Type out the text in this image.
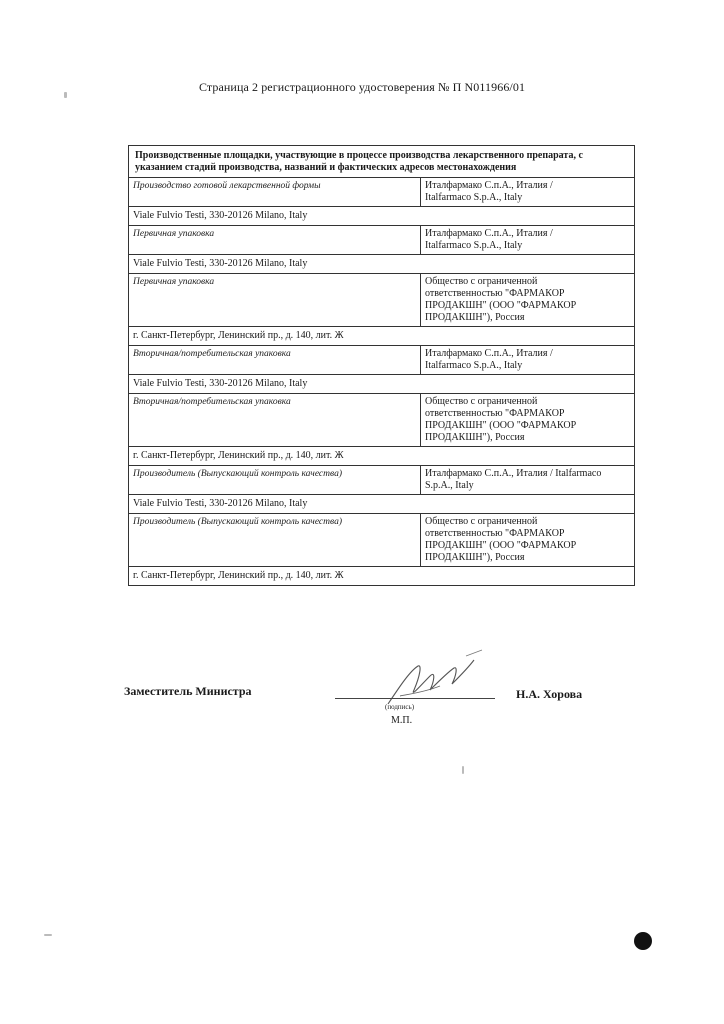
Страница 2 регистрационного удостоверения № П N011966/01
Производственные площадки, участвующие в процессе производства лекарственного препарата, с указанием стадий производства, названий и фактических адресов местонахождения
Производство готовой лекарственной формы	Италфармако С.п.А., Италия /
Italfarmaco S.p.A., Italy
Viale Fulvio Testi, 330-20126 Milano, Italy
Первичная упаковка	Италфармако С.п.А., Италия /
Italfarmaco S.p.A., Italy
Viale Fulvio Testi, 330-20126 Milano, Italy
Первичная упаковка	Общество с ограниченной
ответственностью "ФАРМАКОР
ПРОДАКШН" (ООО "ФАРМАКОР
ПРОДАКШН"), Россия
г. Санкт-Петербург, Ленинский пр., д. 140, лит. Ж
Вторичная/потребительская упаковка	Италфармако С.п.А., Италия /
Italfarmaco S.p.A., Italy
Viale Fulvio Testi, 330-20126 Milano, Italy
Вторичная/потребительская упаковка	Общество с ограниченной
ответственностью "ФАРМАКОР
ПРОДАКШН" (ООО "ФАРМАКОР
ПРОДАКШН"), Россия
г. Санкт-Петербург, Ленинский пр., д. 140, лит. Ж
Производитель (Выпускающий контроль качества)	Италфармако С.п.А., Италия / Italfarmaco
S.p.A., Italy
Viale Fulvio Testi, 330-20126 Milano, Italy
Производитель (Выпускающий контроль качества)	Общество с ограниченной
ответственностью "ФАРМАКОР
ПРОДАКШН" (ООО "ФАРМАКОР
ПРОДАКШН"), Россия
г. Санкт-Петербург, Ленинский пр., д. 140, лит. Ж
Заместитель Министра
(подпись)
М.П.
Н.А. Хорова
